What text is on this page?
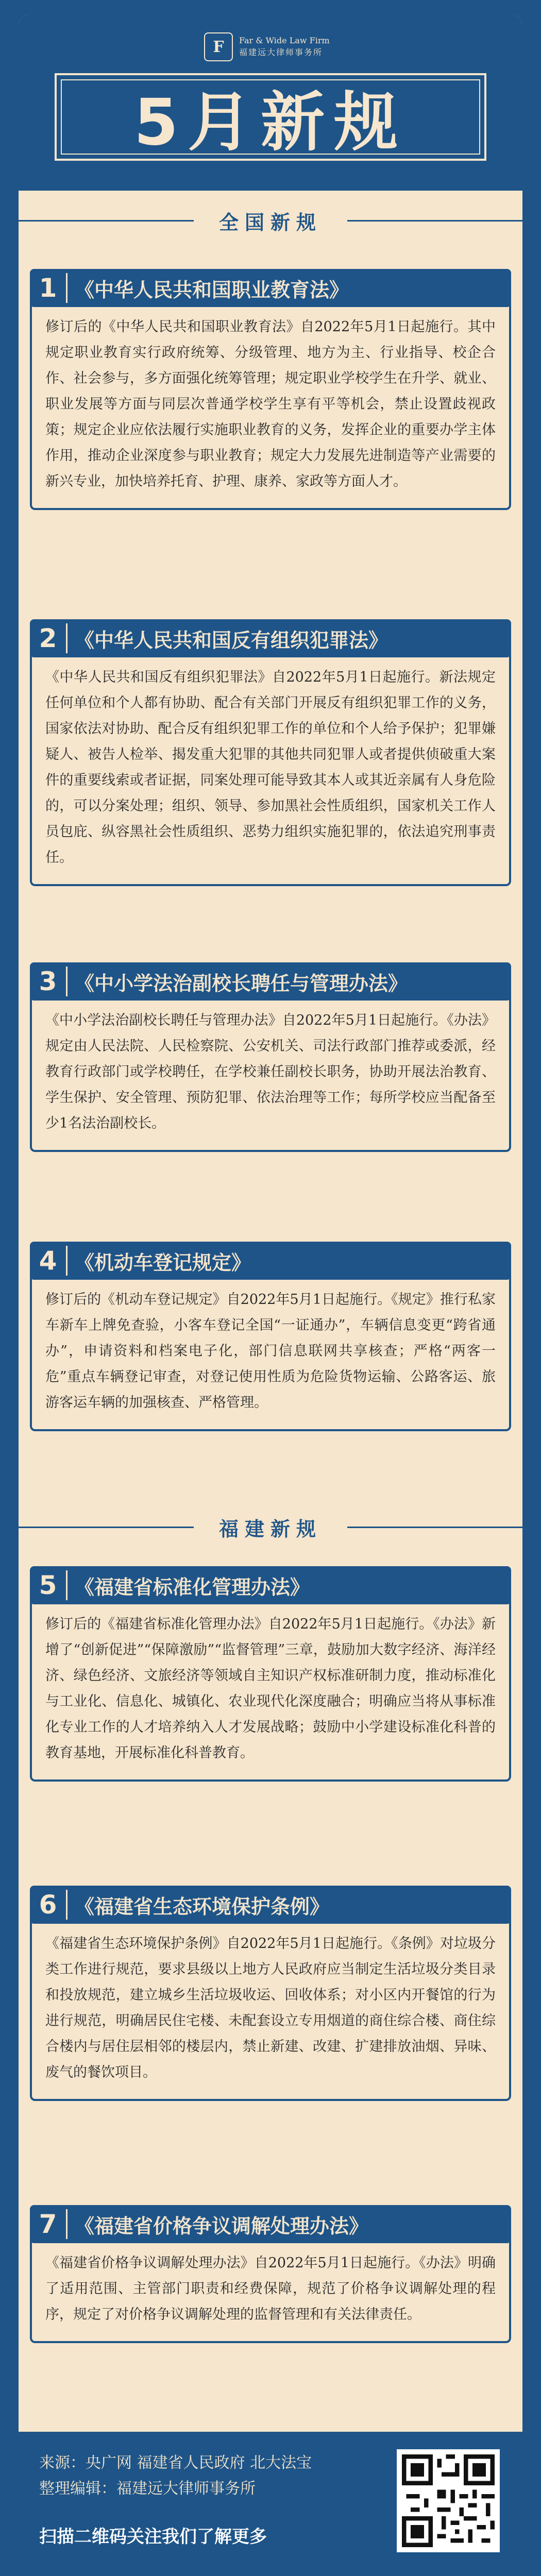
F	Far & Wide Law Firm
福建远大律师事务所
5月新规
全国新规
修订后的《中华人民共和国职业教育法》自2022年5月1日起施行。其中规定职业教育实行政府统筹、分级管理、地方为主、行业指导、校企合作、社会参与，多方面强化统筹管理；规定职业学校学生在升学、就业、职业发展等方面与同层次普通学校学生享有平等机会，禁止设置歧视政策；规定企业应依法履行实施职业教育的义务，发挥企业的重要办学主体作用，推动企业深度参与职业教育；规定大力发展先进制造等产业需要的新兴专业，加快培养托育、护理、康养、家政等方面人才。
1 《中华人民共和国职业教育法》
《中华人民共和国反有组织犯罪法》自2022年5月1日起施行。新法规定任何单位和个人都有协助、配合有关部门开展反有组织犯罪工作的义务，国家依法对协助、配合反有组织犯罪工作的单位和个人给予保护；犯罪嫌疑人、被告人检举、揭发重大犯罪的其他共同犯罪人或者提供侦破重大案件的重要线索或者证据，同案处理可能导致其本人或其近亲属有人身危险的，可以分案处理；组织、领导、参加黑社会性质组织，国家机关工作人员包庇、纵容黑社会性质组织、恶势力组织实施犯罪的，依法追究刑事责任。
2 《中华人民共和国反有组织犯罪法》
《中小学法治副校长聘任与管理办法》自2022年5月1日起施行。《办法》规定由人民法院、人民检察院、公安机关、司法行政部门推荐或委派，经教育行政部门或学校聘任，在学校兼任副校长职务，协助开展法治教育、学生保护、安全管理、预防犯罪、依法治理等工作；每所学校应当配备至少1名法治副校长。
3 《中小学法治副校长聘任与管理办法》
修订后的《机动车登记规定》自2022年5月1日起施行。《规定》推行私家车新车上牌免查验，小客车登记全国“一证通办”，车辆信息变更“跨省通办”，申请资料和档案电子化，部门信息联网共享核查；严格“两客一危”重点车辆登记审查，对登记使用性质为危险货物运输、公路客运、旅游客运车辆的加强核查、严格管理。
4 《机动车登记规定》
福建新规
修订后的《福建省标准化管理办法》自2022年5月1日起施行。《办法》新增了“创新促进”“保障激励”“监督管理”三章，鼓励加大数字经济、海洋经济、绿色经济、文旅经济等领域自主知识产权标准研制力度，推动标准化与工业化、信息化、城镇化、农业现代化深度融合；明确应当将从事标准化专业工作的人才培养纳入人才发展战略；鼓励中小学建设标准化科普的教育基地，开展标准化科普教育。
5 《福建省标准化管理办法》
《福建省生态环境保护条例》自2022年5月1日起施行。《条例》对垃圾分类工作进行规范，要求县级以上地方人民政府应当制定生活垃圾分类目录和投放规范，建立城乡生活垃圾收运、回收体系；对小区内开餐馆的行为进行规范，明确居民住宅楼、未配套设立专用烟道的商住综合楼、商住综合楼内与居住层相邻的楼层内，禁止新建、改建、扩建排放油烟、异味、废气的餐饮项目。
6 《福建省生态环境保护条例》
《福建省价格争议调解处理办法》自2022年5月1日起施行。《办法》明确了适用范围、主管部门职责和经费保障，规范了价格争议调解处理的程序，规定了对价格争议调解处理的监督管理和有关法律责任。
7 《福建省价格争议调解处理办法》
来源：央广网 福建省人民政府 北大法宝
整理编辑：福建远大律师事务所
扫描二维码关注我们了解更多
